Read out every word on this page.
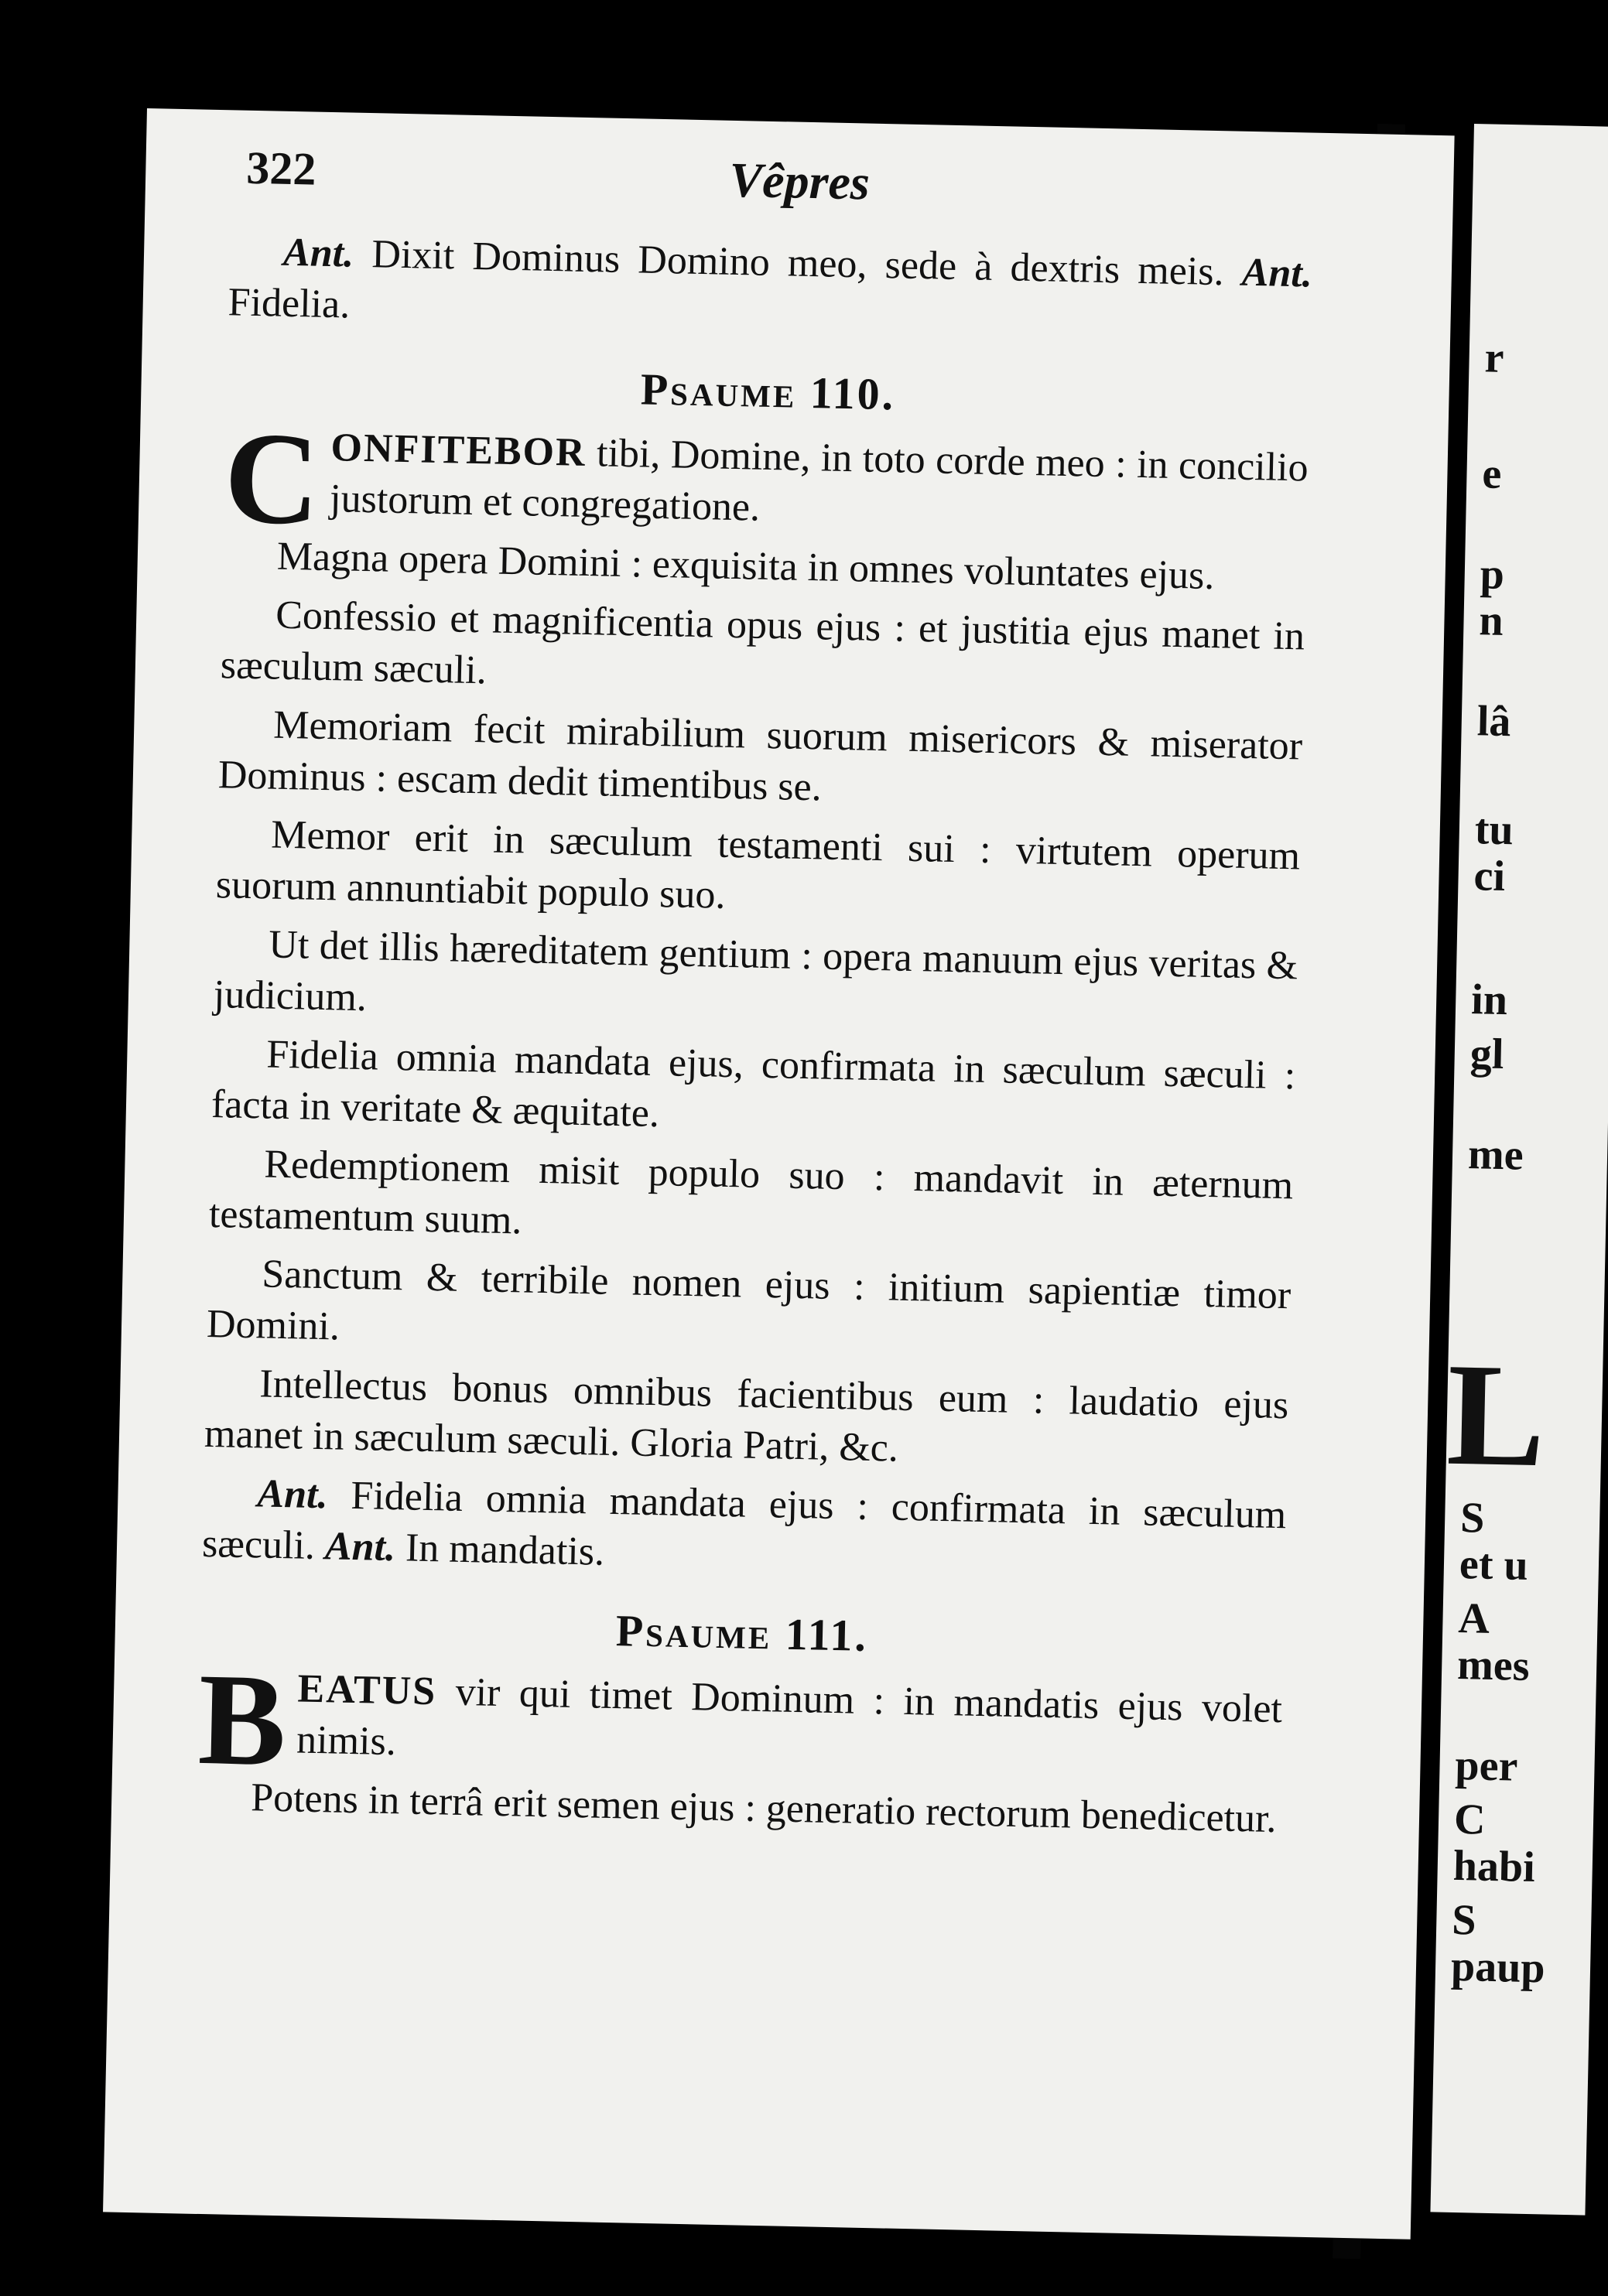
r
e
p
n
lâ
tu
ci
in
gl
me
L
S
et u
A
mes
per
C
habi
S
paup
322	Vêpres

Ant. Dixit Dominus Domino meo, sede à dextris meis. Ant. Fidelia.

Psaume 110.

CONFITEBOR tibi, Domine, in toto corde meo : in concilio justorum et congregatione.

Magna opera Domini : exquisita in omnes voluntates ejus.

Confessio et magnificentia opus ejus : et justitia ejus manet in sæculum sæculi.

Memoriam fecit mirabilium suorum misericors & miserator Dominus : escam dedit timentibus se.

Memor erit in sæculum testamenti sui : virtutem operum suorum annuntiabit populo suo.

Ut det illis hæreditatem gentium : opera manuum ejus veritas & judicium.

Fidelia omnia mandata ejus, confirmata in sæculum sæculi : facta in veritate & æquitate.

Redemptionem misit populo suo : mandavit in æternum testamentum suum.

Sanctum & terribile nomen ejus : initium sapientiæ timor Domini.

Intellectus bonus omnibus facientibus eum : laudatio ejus manet in sæculum sæculi. Gloria Patri, &c.

Ant. Fidelia omnia mandata ejus : confirmata in sæculum sæculi. Ant. In mandatis.

Psaume 111.

BEATUS vir qui timet Dominum : in mandatis ejus volet nimis.

Potens in terrâ erit semen ejus : generatio rectorum benedicetur.
